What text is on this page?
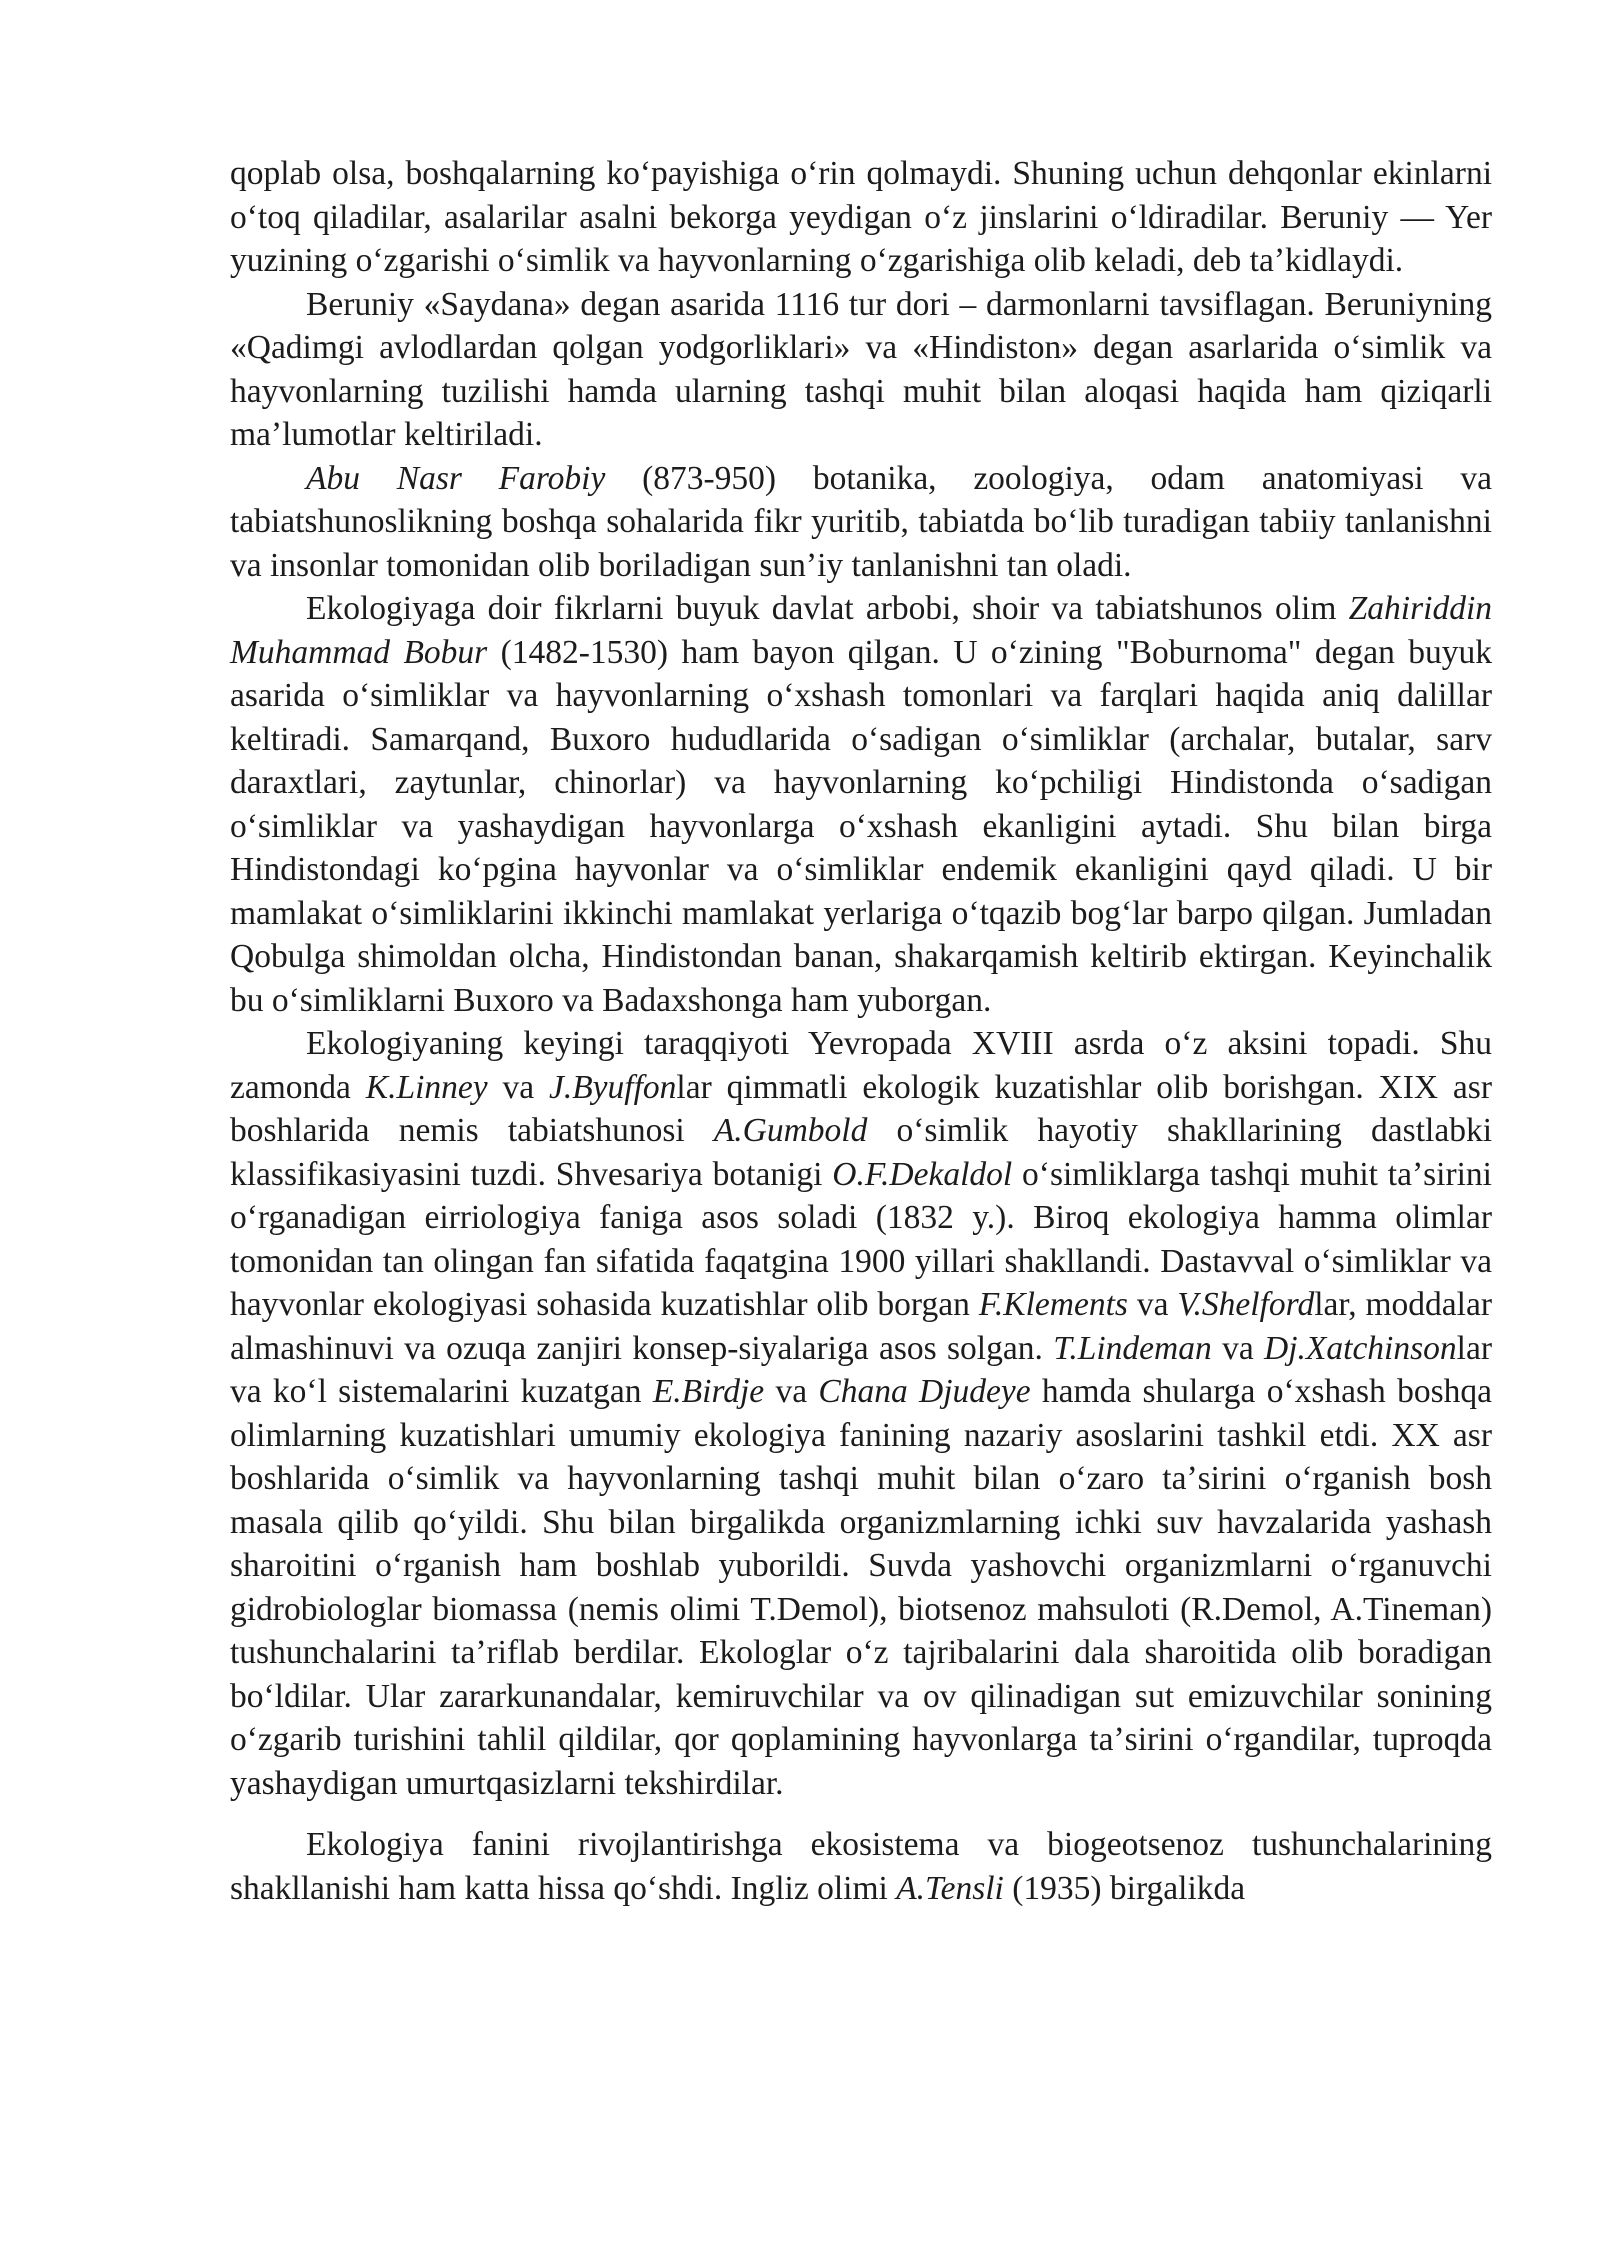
qoplab olsa, boshqalarning koʻpayishiga oʻrin qolmaydi. Shuning uchun dehqonlar ekinlarni oʻtoq qiladilar, asalarilar asalni bekorga yeydigan oʻz jinslarini oʻldiradilar. Beruniy — Yer yuzining oʻzgarishi oʻsimlik va hayvonlarning oʻzgarishiga olib keladi, deb taʼkidlaydi.

Beruniy «Saydana» degan asarida 1116 tur dori – darmonlarni tavsiflagan. Beruniyning «Qadimgi avlodlardan qolgan yodgorliklari» va «Hindiston» degan asarlarida oʻsimlik va hayvonlarning tuzilishi hamda ularning tashqi muhit bilan aloqasi haqida ham qiziqarli maʼlumotlar keltiriladi.

Abu Nasr Farobiy (873-950) botanika, zoologiya, odam anatomiyasi va tabiatshunoslikning boshqa sohalarida fikr yuritib, tabiatda boʻlib turadigan tabiiy tanlanishni va insonlar tomonidan olib boriladigan sunʼiy tanlanishni tan oladi.

Ekologiyaga doir fikrlarni buyuk davlat arbobi, shoir va tabiatshunos olim Zahiriddin Muhammad Bobur (1482-1530) ham bayon qilgan. U oʻzining "Boburnoma" degan buyuk asarida oʻsimliklar va hayvonlarning oʻxshash tomonlari va farqlari haqida aniq dalillar keltiradi. Samarqand, Buxoro hududlarida oʻsadigan oʻsimliklar (archalar, butalar, sarv daraxtlari, zaytunlar, chinorlar) va hayvonlarning koʻpchiligi Hindistonda oʻsadigan oʻsimliklar va yashaydigan hayvonlarga oʻxshash ekanligini aytadi. Shu bilan birga Hindistondagi koʻpgina hayvonlar va oʻsimliklar endemik ekanligini qayd qiladi. U bir mamlakat oʻsimliklarini ikkinchi mamlakat yerlariga oʻtqazib bogʻlar barpo qilgan. Jumladan Qobulga shimoldan olcha, Hindistondan banan, shakarqamish keltirib ektirgan. Keyinchalik bu oʻsimliklarni Buxoro va Badaxshonga ham yuborgan.

Ekologiyaning keyingi taraqqiyoti Yevropada XVIII asrda oʻz aksini topadi. Shu zamonda K.Linney va J.Byuffonlar qimmatli ekologik kuzatishlar olib borishgan. XIX asr boshlarida nemis tabiatshunosi A.Gumbold oʻsimlik hayotiy shakllarining dastlabki klassifikasiyasini tuzdi. Shvesariya botanigi O.F.Dekaldol oʻsimliklarga tashqi muhit taʼsirini oʻrganadigan eirriologiya faniga asos soladi (1832 y.). Biroq ekologiya hamma olimlar tomonidan tan olingan fan sifatida faqatgina 1900 yillari shakllandi. Dastavval oʻsimliklar va hayvonlar ekologiyasi sohasida kuzatishlar olib borgan F.Klements va V.Shelfordlar, moddalar almashinuvi va ozuqa zanjiri konsep-siyalariga asos solgan. T.Lindeman va Dj.Xatchinsonlar va koʻl sistemalarini kuzatgan E.Birdje va Chana Djudeye hamda shularga oʻxshash boshqa olimlarning kuzatishlari umumiy ekologiya fanining nazariy asoslarini tashkil etdi. XX asr boshlarida oʻsimlik va hayvonlarning tashqi muhit bilan oʻzaro taʼsirini oʻrganish bosh masala qilib qoʻyildi. Shu bilan birgalikda organizmlarning ichki suv havzalarida yashash sharoitini oʻrganish ham boshlab yuborildi. Suvda yashovchi organizmlarni oʻrganuvchi gidrobiologlar biomassa (nemis olimi T.Demol), biotsenoz mahsuloti (R.Demol, A.Tineman) tushunchalarini taʼriflab berdilar. Ekologlar oʻz tajribalarini dala sharoitida olib boradigan boʻldilar. Ular zararkunandalar, kemiruvchilar va ov qilinadigan sut emizuvchilar sonining oʻzgarib turishini tahlil qildilar, qor qoplamining hayvonlarga taʼsirini oʻrgandilar, tuproqda yashaydigan umurtqasizlarni tekshirdilar.

Ekologiya fanini rivojlantirishga ekosistema va biogeotsenoz tushunchalarining shakllanishi ham katta hissa qoʻshdi. Ingliz olimi A.Tensli (1935) birgalikda
